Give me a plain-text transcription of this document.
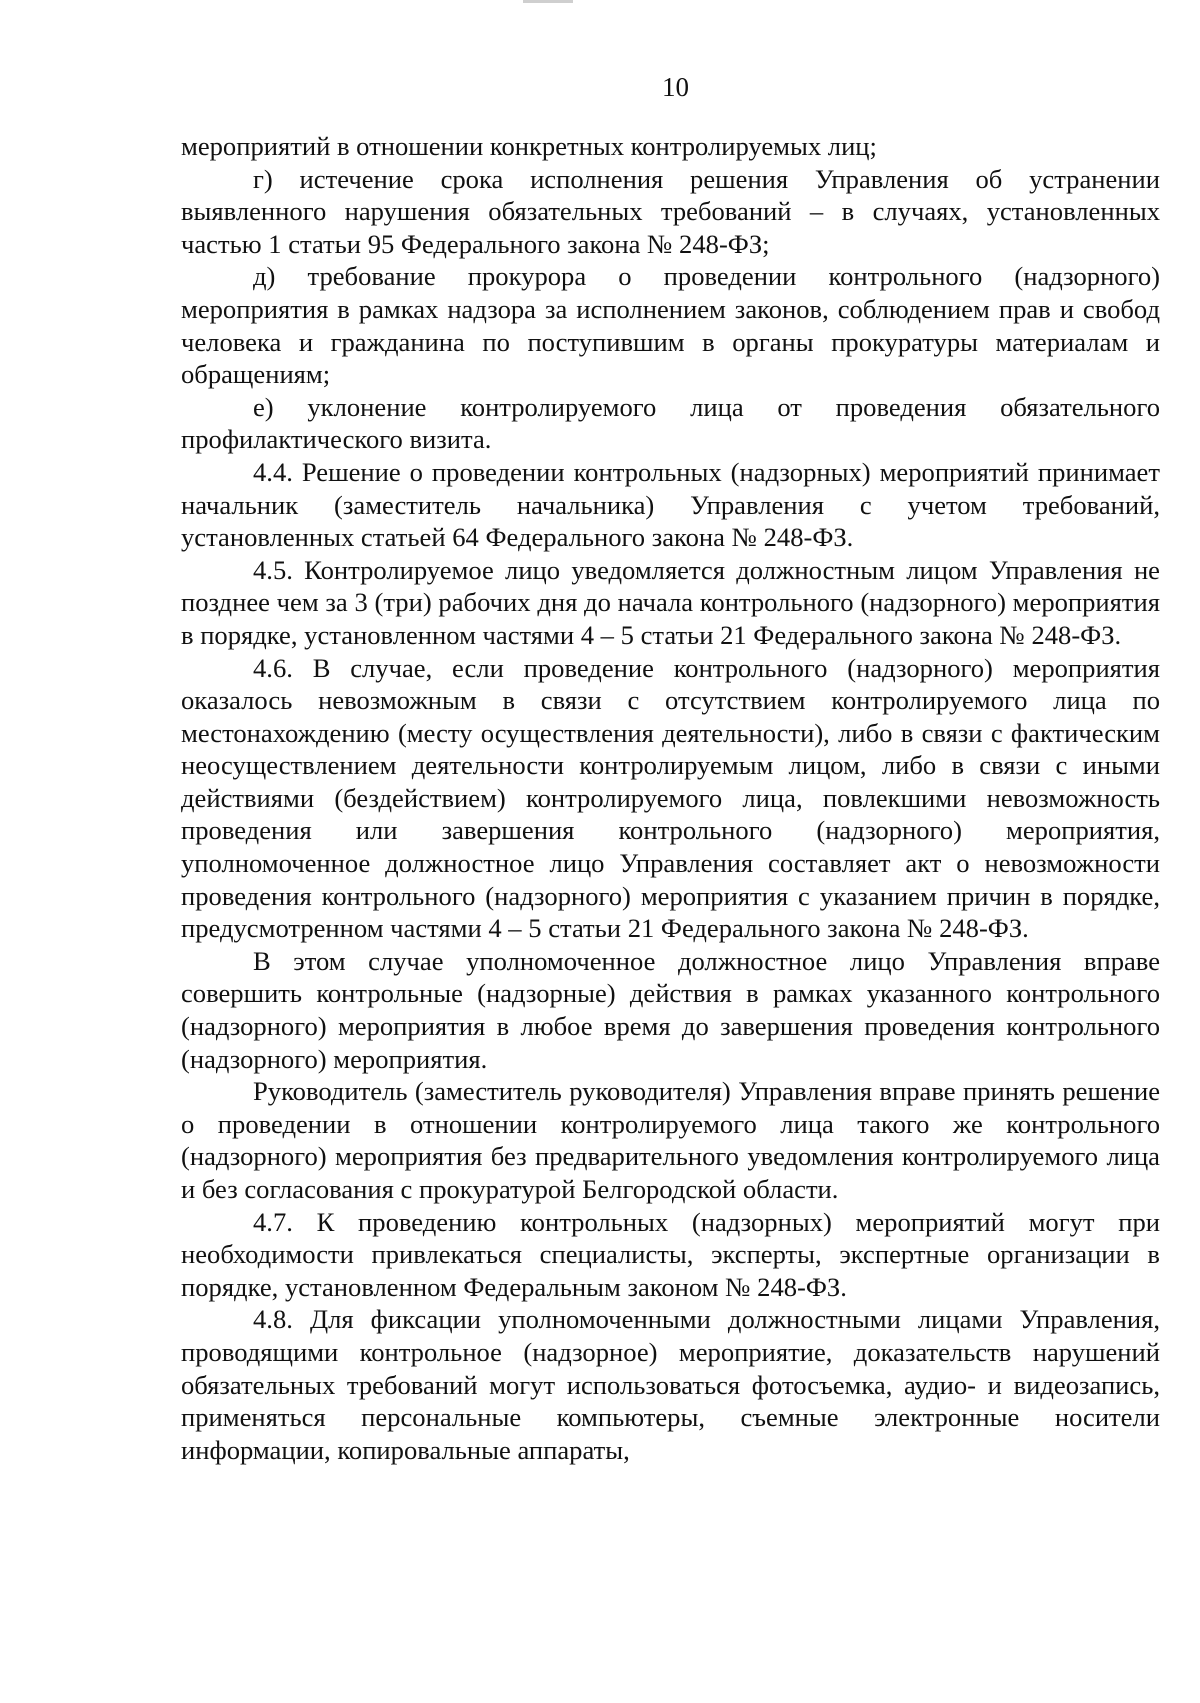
10

мероприятий в отношении конкретных контролируемых лиц;

г) истечение срока исполнения решения Управления об устранении выявленного нарушения обязательных требований – в случаях, установленных частью 1 статьи 95 Федерального закона № 248-ФЗ;

д) требование прокурора о проведении контрольного (надзорного) мероприятия в рамках надзора за исполнением законов, соблюдением прав и свобод человека и гражданина по поступившим в органы прокуратуры материалам и обращениям;

е) уклонение контролируемого лица от проведения обязательного профилактического визита.

4.4. Решение о проведении контрольных (надзорных) мероприятий принимает начальник (заместитель начальника) Управления с учетом требований, установленных статьей 64 Федерального закона № 248-ФЗ.

4.5. Контролируемое лицо уведомляется должностным лицом Управления не позднее чем за 3 (три) рабочих дня до начала контрольного (надзорного) мероприятия в порядке, установленном частями 4 – 5 статьи 21 Федерального закона № 248-ФЗ.

4.6. В случае, если проведение контрольного (надзорного) мероприятия оказалось невозможным в связи с отсутствием контролируемого лица по местонахождению (месту осуществления деятельности), либо в связи с фактическим неосуществлением деятельности контролируемым лицом, либо в связи с иными действиями (бездействием) контролируемого лица, повлекшими невозможность проведения или завершения контрольного (надзорного) мероприятия, уполномоченное должностное лицо Управления составляет акт о невозможности проведения контрольного (надзорного) мероприятия с указанием причин в порядке, предусмотренном частями 4 – 5 статьи 21 Федерального закона № 248-ФЗ.

В этом случае уполномоченное должностное лицо Управления вправе совершить контрольные (надзорные) действия в рамках указанного контрольного (надзорного) мероприятия в любое время до завершения проведения контрольного (надзорного) мероприятия.

Руководитель (заместитель руководителя) Управления вправе принять решение о проведении в отношении контролируемого лица такого же контрольного (надзорного) мероприятия без предварительного уведомления контролируемого лица и без согласования с прокуратурой Белгородской области.

4.7. К проведению контрольных (надзорных) мероприятий могут при необходимости привлекаться специалисты, эксперты, экспертные организации в порядке, установленном Федеральным законом № 248-ФЗ.

4.8. Для фиксации уполномоченными должностными лицами Управления, проводящими контрольное (надзорное) мероприятие, доказательств нарушений обязательных требований могут использоваться фотосъемка, аудио- и видеозапись, применяться персональные компьютеры, съемные электронные носители информации, копировальные аппараты,
